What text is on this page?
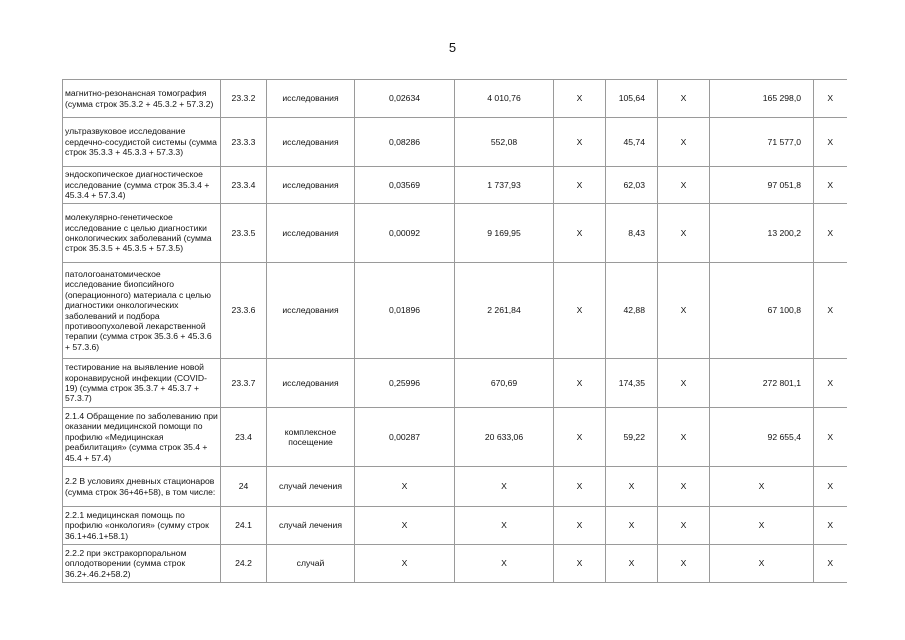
5
магнитно-резонансная томография (сумма строк 35.3.2 + 45.3.2 + 57.3.2)	23.3.2	исследования	0,02634	4 010,76	Х	105,64	Х	165 298,0	Х
ультразвуковое исследование сердечно-сосудистой системы (сумма строк 35.3.3 + 45.3.3 + 57.3.3)	23.3.3	исследования	0,08286	552,08	Х	45,74	Х	71 577,0	Х
эндоскопическое диагностическое исследование (сумма строк 35.3.4 + 45.3.4 + 57.3.4)	23.3.4	исследования	0,03569	1 737,93	Х	62,03	Х	97 051,8	Х
молекулярно-генетическое исследование с целью диагностики онкологических заболеваний (сумма строк 35.3.5 + 45.3.5 + 57.3.5)	23.3.5	исследования	0,00092	9 169,95	Х	8,43	Х	13 200,2	Х
патологоанатомическое исследование биопсийного (операционного) материала с целью диагностики онкологических заболеваний и подбора противоопухолевой лекарственной терапии (сумма строк 35.3.6 + 45.3.6 + 57.3.6)	23.3.6	исследования	0,01896	2 261,84	Х	42,88	Х	67 100,8	Х
тестирование на выявление новой коронавирусной инфекции (COVID-19) (сумма строк 35.3.7 + 45.3.7 + 57.3.7)	23.3.7	исследования	0,25996	670,69	Х	174,35	Х	272 801,1	Х
2.1.4 Обращение по заболеванию при оказании медицинской помощи по профилю «Медицинская реабилитация» (сумма строк 35.4 + 45.4 + 57.4)	23.4	комплексное посещение	0,00287	20 633,06	Х	59,22	Х	92 655,4	Х
2.2 В условиях дневных стационаров (сумма строк 36+46+58), в том числе:	24	случай лечения	Х	Х	Х	Х	Х	Х	Х
2.2.1 медицинская помощь по профилю «онкология» (сумму строк 36.1+46.1+58.1)	24.1	случай лечения	Х	Х	Х	Х	Х	Х	Х
2.2.2 при экстракорпоральном оплодотворении (сумма строк 36.2+.46.2+58.2)	24.2	случай	Х	Х	Х	Х	Х	Х	Х
